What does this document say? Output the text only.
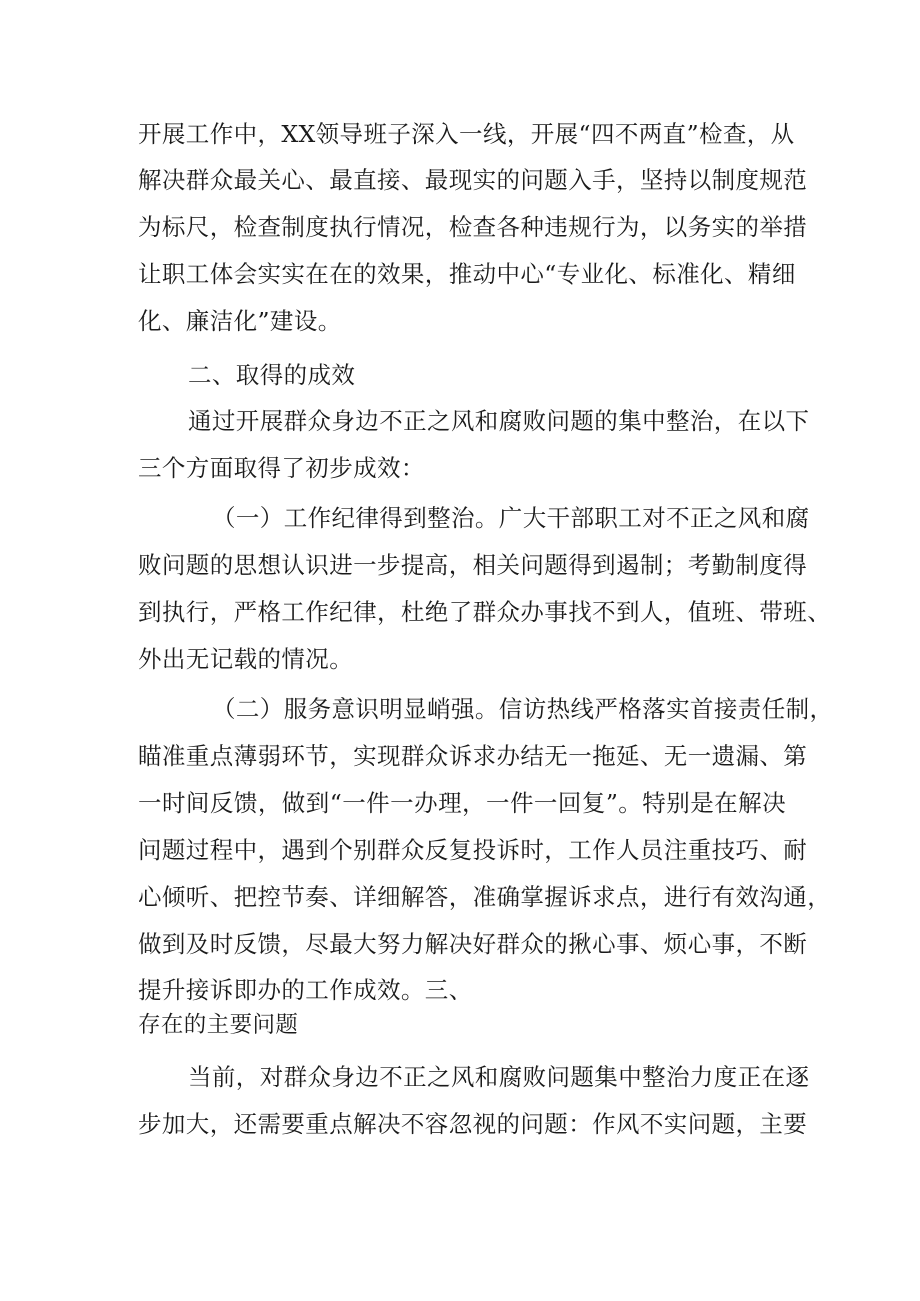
开展工作中，XX领导班子深入一线，开展“四不两直”检查，从
解决群众最关心、最直接、最现实的问题入手，坚持以制度规范
为标尺，检查制度执行情况，检查各种违规行为，以务实的举措
让职工体会实实在在的效果，推动中心“专业化、标准化、精细
化、廉洁化”建设。
二、取得的成效
通过开展群众身边不正之风和腐败问题的集中整治，在以下
三个方面取得了初步成效：
（一）工作纪律得到整治。广大干部职工对不正之风和腐
败问题的思想认识进一步提高，相关问题得到遏制；考勤制度得
到执行，严格工作纪律，杜绝了群众办事找不到人，值班、带班、
外出无记载的情况。
（二）服务意识明显峭强。信访热线严格落实首接责任制，
瞄准重点薄弱环节，实现群众诉求办结无一拖延、无一遗漏、第
一时间反馈，做到“一件一办理，一件一回复”。特别是在解决
问题过程中，遇到个别群众反复投诉时，工作人员注重技巧、耐
心倾听、把控节奏、详细解答，准确掌握诉求点，进行有效沟通，
做到及时反馈，尽最大努力解决好群众的揪心事、烦心事，不断
提升接诉即办的工作成效。三、
存在的主要问题
当前，对群众身边不正之风和腐败问题集中整治力度正在逐
步加大，还需要重点解决不容忽视的问题：作风不实问题，主要
